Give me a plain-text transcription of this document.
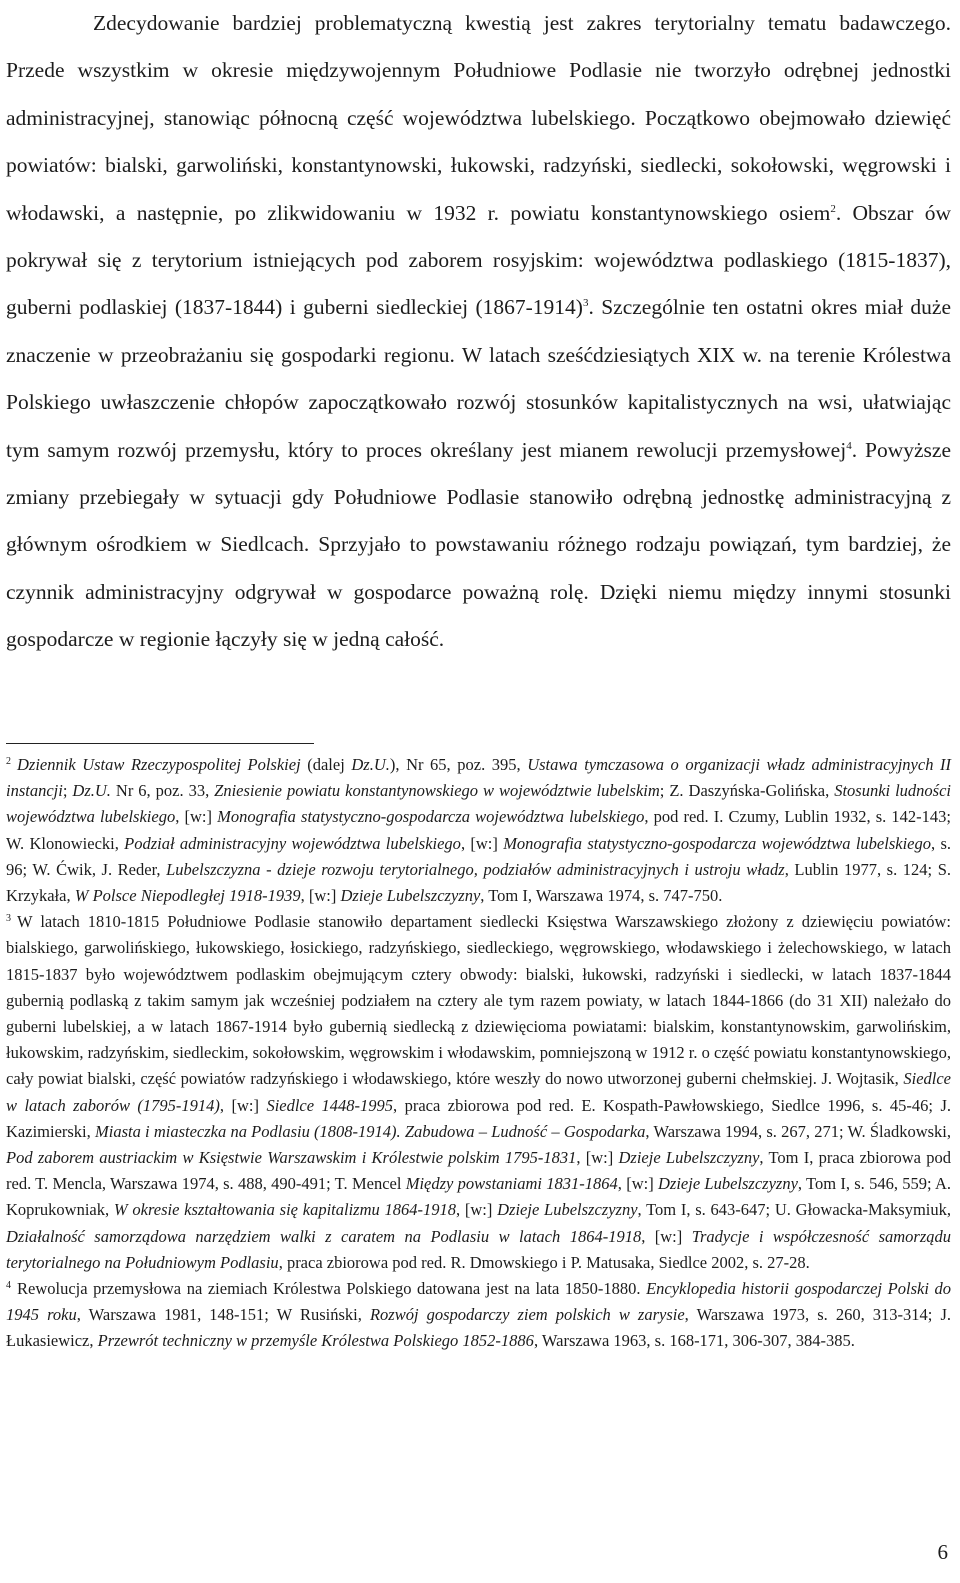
Zdecydowanie bardziej problematyczną kwestią jest zakres terytorialny tematu badawczego. Przede wszystkim w okresie międzywojennym Południowe Podlasie nie tworzyło odrębnej jednostki administracyjnej, stanowiąc północną część województwa lubelskiego. Początkowo obejmowało dziewięć powiatów: bialski, garwoliński, konstantynowski, łukowski, radzyński, siedlecki, sokołowski, węgrowski i włodawski, a następnie, po zlikwidowaniu w 1932 r. powiatu konstantynowskiego osiem$^2$. Obszar ów pokrywał się z terytorium istniejących pod zaborem rosyjskim: województwa podlaskiego (1815-1837), guberni podlaskiej (1837-1844) i guberni siedleckiej (1867-1914)$^3$. Szczególnie ten ostatni okres miał duże znaczenie w przeobrażaniu się gospodarki regionu. W latach sześćdziesiątych XIX w. na terenie Królestwa Polskiego uwłaszczenie chłopów zapoczątkowało rozwój stosunków kapitalistycznych na wsi, ułatwiając tym samym rozwój przemysłu, który to proces określany jest mianem rewolucji przemysłowej$^4$. Powyższe zmiany przebiegały w sytuacji gdy Południowe Podlasie stanowiło odrębną jednostkę administracyjną z głównym ośrodkiem w Siedlcach. Sprzyjało to powstawaniu różnego rodzaju powiązań, tym bardziej, że czynnik administracyjny odgrywał w gospodarce poważną rolę. Dzięki niemu między innymi stosunki gospodarcze w regionie łączyły się w jedną całość.

$^2$ Dziennik Ustaw Rzeczypospolitej Polskiej (dalej Dz.U.), Nr 65, poz. 395, Ustawa tymczasowa o organizacji władz administracyjnych II instancji; Dz.U. Nr 6, poz. 33, Zniesienie powiatu konstantynowskiego w województwie lubelskim; Z. Daszyńska-Golińska, Stosunki ludności województwa lubelskiego, [w:] Monografia statystyczno-gospodarcza województwa lubelskiego, pod red. I. Czumy, Lublin 1932, s. 142-143; W. Klonowiecki, Podział administracyjny województwa lubelskiego, [w:] Monografia statystyczno-gospodarcza województwa lubelskiego, s. 96; W. Ćwik, J. Reder, Lubelszczyzna - dzieje rozwoju terytorialnego, podziałów administracyjnych i ustroju władz, Lublin 1977, s. 124; S. Krzykała, W Polsce Niepodległej 1918-1939, [w:] Dzieje Lubelszczyzny, Tom I, Warszawa 1974, s. 747-750.

$^3$ W latach 1810-1815 Południowe Podlasie stanowiło departament siedlecki Księstwa Warszawskiego złożony z dziewięciu powiatów: bialskiego, garwolińskiego, łukowskiego, łosickiego, radzyńskiego, siedleckiego, węgrowskiego, włodawskiego i żelechowskiego, w latach 1815-1837 było województwem podlaskim obejmującym cztery obwody: bialski, łukowski, radzyński i siedlecki, w latach 1837-1844 gubernią podlaską z takim samym jak wcześniej podziałem na cztery ale tym razem powiaty, w latach 1844-1866 (do 31 XII) należało do guberni lubelskiej, a w latach 1867-1914 było gubernią siedlecką z dziewięcioma powiatami: bialskim, konstantynowskim, garwolińskim, łukowskim, radzyńskim, siedleckim, sokołowskim, węgrowskim i włodawskim, pomniejszoną w 1912 r. o część powiatu konstantynowskiego, cały powiat bialski, część powiatów radzyńskiego i włodawskiego, które weszły do nowo utworzonej guberni chełmskiej. J. Wojtasik, Siedlce w latach zaborów (1795-1914), [w:] Siedlce 1448-1995, praca zbiorowa pod red. E. Kospath-Pawłowskiego, Siedlce 1996, s. 45-46; J. Kazimierski, Miasta i miasteczka na Podlasiu (1808-1914). Zabudowa – Ludność – Gospodarka, Warszawa 1994, s. 267, 271; W. Śladkowski, Pod zaborem austriackim w Księstwie Warszawskim i Królestwie polskim 1795-1831, [w:] Dzieje Lubelszczyzny, Tom I, praca zbiorowa pod red. T. Mencla, Warszawa 1974, s. 488, 490-491; T. Mencel Między powstaniami 1831-1864, [w:] Dzieje Lubelszczyzny, Tom I, s. 546, 559; A. Koprukowniak, W okresie kształtowania się kapitalizmu 1864-1918, [w:] Dzieje Lubelszczyzny, Tom I, s. 643-647; U. Głowacka-Maksymiuk, Działalność samorządowa narzędziem walki z caratem na Podlasiu w latach 1864-1918, [w:] Tradycje i współczesność samorządu terytorialnego na Południowym Podlasiu, praca zbiorowa pod red. R. Dmowskiego i P. Matusaka, Siedlce 2002, s. 27-28.

$^4$ Rewolucja przemysłowa na ziemiach Królestwa Polskiego datowana jest na lata 1850-1880. Encyklopedia historii gospodarczej Polski do 1945 roku, Warszawa 1981, 148-151; W Rusiński, Rozwój gospodarczy ziem polskich w zarysie, Warszawa 1973, s. 260, 313-314; J. Łukasiewicz, Przewrót techniczny w przemyśle Królestwa Polskiego 1852-1886, Warszawa 1963, s. 168-171, 306-307, 384-385.

6
